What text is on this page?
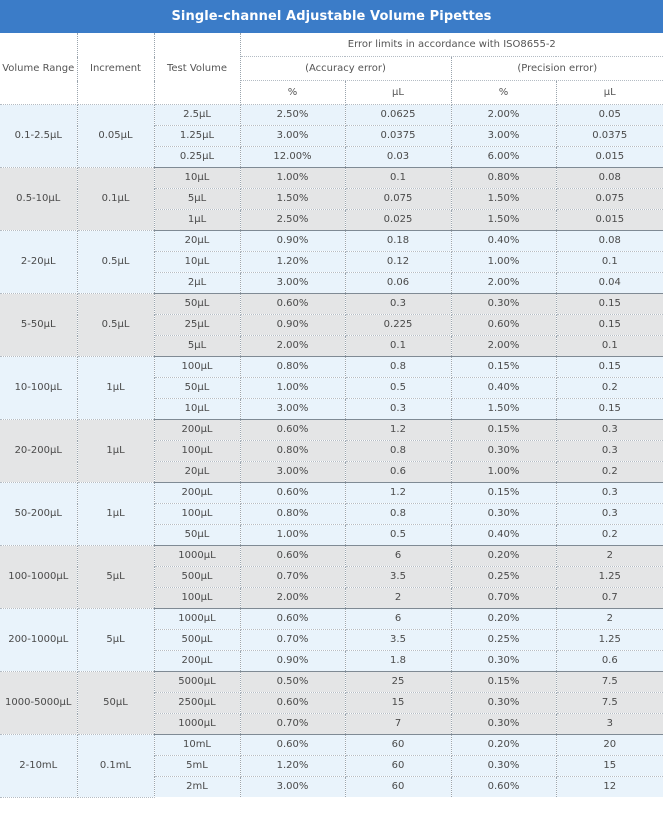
Single-channel Adjustable Volume Pipettes
Volume Range	Increment	Test Volume	Error limits in accordance with ISO8655-2			
			(Accuracy error)		(Precision error)	
			%	μL	%	μL
0.1-2.5μL	0.05μL	2.5μL	2.50%	0.0625	2.00%	0.05
		1.25μL	3.00%	0.0375	3.00%	0.0375
		0.25μL	12.00%	0.03	6.00%	0.015
0.5-10μL	0.1μL	10μL	1.00%	0.1	0.80%	0.08
		5μL	1.50%	0.075	1.50%	0.075
		1μL	2.50%	0.025	1.50%	0.015
2-20μL	0.5μL	20μL	0.90%	0.18	0.40%	0.08
		10μL	1.20%	0.12	1.00%	0.1
		2μL	3.00%	0.06	2.00%	0.04
5-50μL	0.5μL	50μL	0.60%	0.3	0.30%	0.15
		25μL	0.90%	0.225	0.60%	0.15
		5μL	2.00%	0.1	2.00%	0.1
10-100μL	1μL	100μL	0.80%	0.8	0.15%	0.15
		50μL	1.00%	0.5	0.40%	0.2
		10μL	3.00%	0.3	1.50%	0.15
20-200μL	1μL	200μL	0.60%	1.2	0.15%	0.3
		100μL	0.80%	0.8	0.30%	0.3
		20μL	3.00%	0.6	1.00%	0.2
50-200μL	1μL	200μL	0.60%	1.2	0.15%	0.3
		100μL	0.80%	0.8	0.30%	0.3
		50μL	1.00%	0.5	0.40%	0.2
100-1000μL	5μL	1000μL	0.60%	6	0.20%	2
		500μL	0.70%	3.5	0.25%	1.25
		100μL	2.00%	2	0.70%	0.7
200-1000μL	5μL	1000μL	0.60%	6	0.20%	2
		500μL	0.70%	3.5	0.25%	1.25
		200μL	0.90%	1.8	0.30%	0.6
1000-5000μL	50μL	5000μL	0.50%	25	0.15%	7.5
		2500μL	0.60%	15	0.30%	7.5
		1000μL	0.70%	7	0.30%	3
2-10mL	0.1mL	10mL	0.60%	60	0.20%	20
		5mL	1.20%	60	0.30%	15
		2mL	3.00%	60	0.60%	12
